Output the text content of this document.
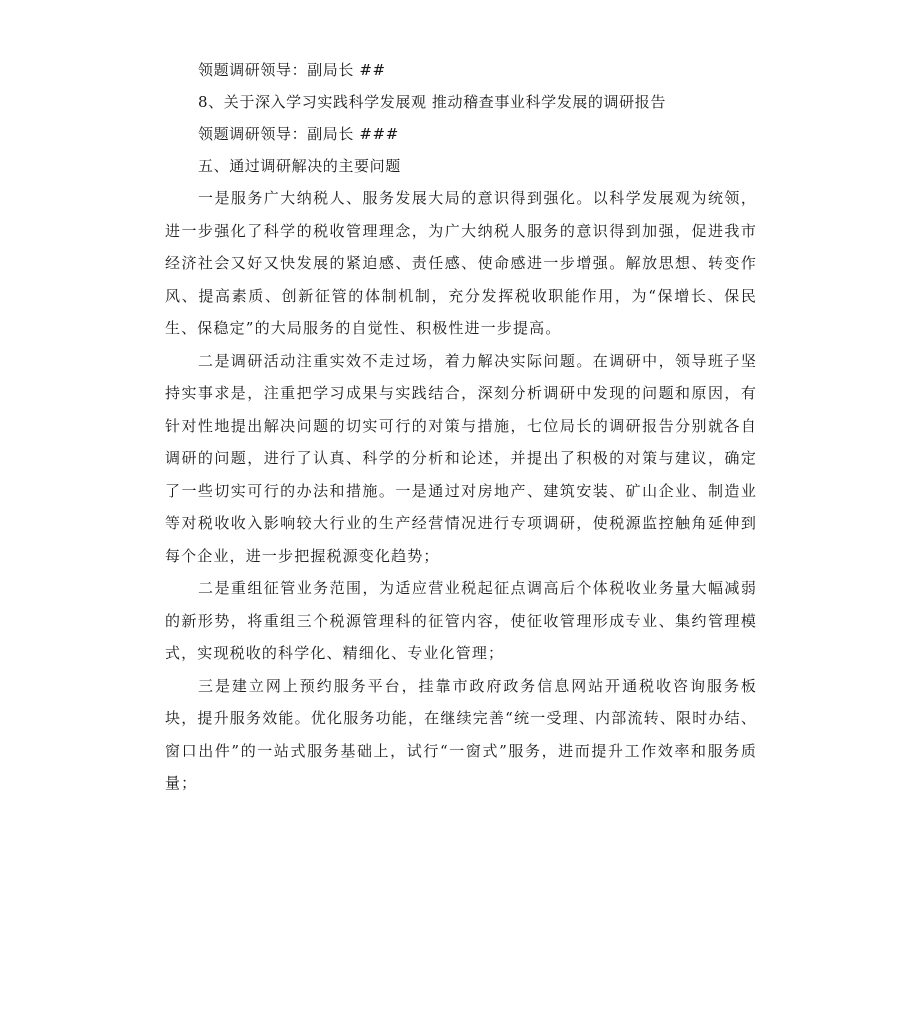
领题调研领导：副局长 ##

8、关于深入学习实践科学发展观 推动稽查事业科学发展的调研报告

领题调研领导：副局长 ###

五、通过调研解决的主要问题

一是服务广大纳税人、服务发展大局的意识得到强化。以科学发展观为统领，进一步强化了科学的税收管理理念，为广大纳税人服务的意识得到加强，促进我市经济社会又好又快发展的紧迫感、责任感、使命感进一步增强。解放思想、转变作风、提高素质、创新征管的体制机制，充分发挥税收职能作用，为“保增长、保民生、保稳定”的大局服务的自觉性、积极性进一步提高。

二是调研活动注重实效不走过场，着力解决实际问题。在调研中，领导班子坚持实事求是，注重把学习成果与实践结合，深刻分析调研中发现的问题和原因，有针对性地提出解决问题的切实可行的对策与措施，七位局长的调研报告分别就各自调研的问题，进行了认真、科学的分析和论述，并提出了积极的对策与建议，确定了一些切实可行的办法和措施。一是通过对房地产、建筑安装、矿山企业、制造业等对税收收入影响较大行业的生产经营情况进行专项调研，使税源监控触角延伸到每个企业，进一步把握税源变化趋势；

二是重组征管业务范围，为适应营业税起征点调高后个体税收业务量大幅减弱的新形势，将重组三个税源管理科的征管内容，使征收管理形成专业、集约管理模式，实现税收的科学化、精细化、专业化管理；

三是建立网上预约服务平台，挂靠市政府政务信息网站开通税收咨询服务板块，提升服务效能。优化服务功能，在继续完善“统一受理、内部流转、限时办结、窗口出件”的一站式服务基础上，试行“一窗式”服务，进而提升工作效率和服务质量；
